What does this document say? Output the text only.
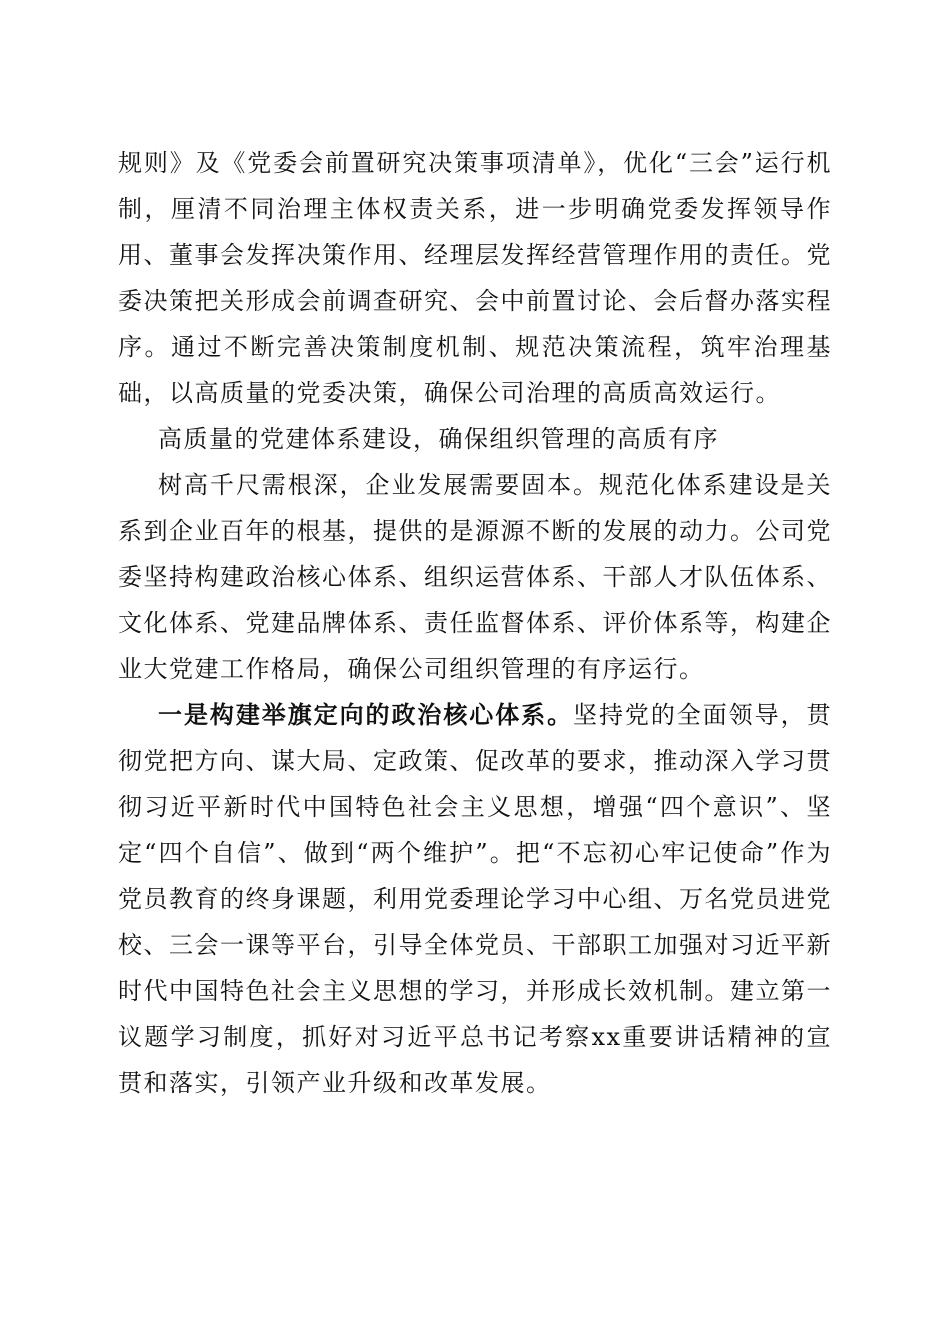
规则》及《党委会前置研究决策事项清单》，优化“三会”运行机制，厘清不同治理主体权责关系，进一步明确党委发挥领导作用、董事会发挥决策作用、经理层发挥经营管理作用的责任。党委决策把关形成会前调查研究、会中前置讨论、会后督办落实程序。通过不断完善决策制度机制、规范决策流程，筑牢治理基础，以高质量的党委决策，确保公司治理的高质高效运行。

高质量的党建体系建设，确保组织管理的高质有序

树高千尺需根深，企业发展需要固本。规范化体系建设是关系到企业百年的根基，提供的是源源不断的发展的动力。公司党委坚持构建政治核心体系、组织运营体系、干部人才队伍体系、文化体系、党建品牌体系、责任监督体系、评价体系等，构建企业大党建工作格局，确保公司组织管理的有序运行。

一是构建举旗定向的政治核心体系。坚持党的全面领导，贯彻党把方向、谋大局、定政策、促改革的要求，推动深入学习贯彻习近平新时代中国特色社会主义思想，增强“四个意识”、坚定“四个自信”、做到“两个维护”。把“不忘初心牢记使命”作为党员教育的终身课题，利用党委理论学习中心组、万名党员进党校、三会一课等平台，引导全体党员、干部职工加强对习近平新时代中国特色社会主义思想的学习，并形成长效机制。建立第一议题学习制度，抓好对习近平总书记考察xx重要讲话精神的宣贯和落实，引领产业升级和改革发展。
